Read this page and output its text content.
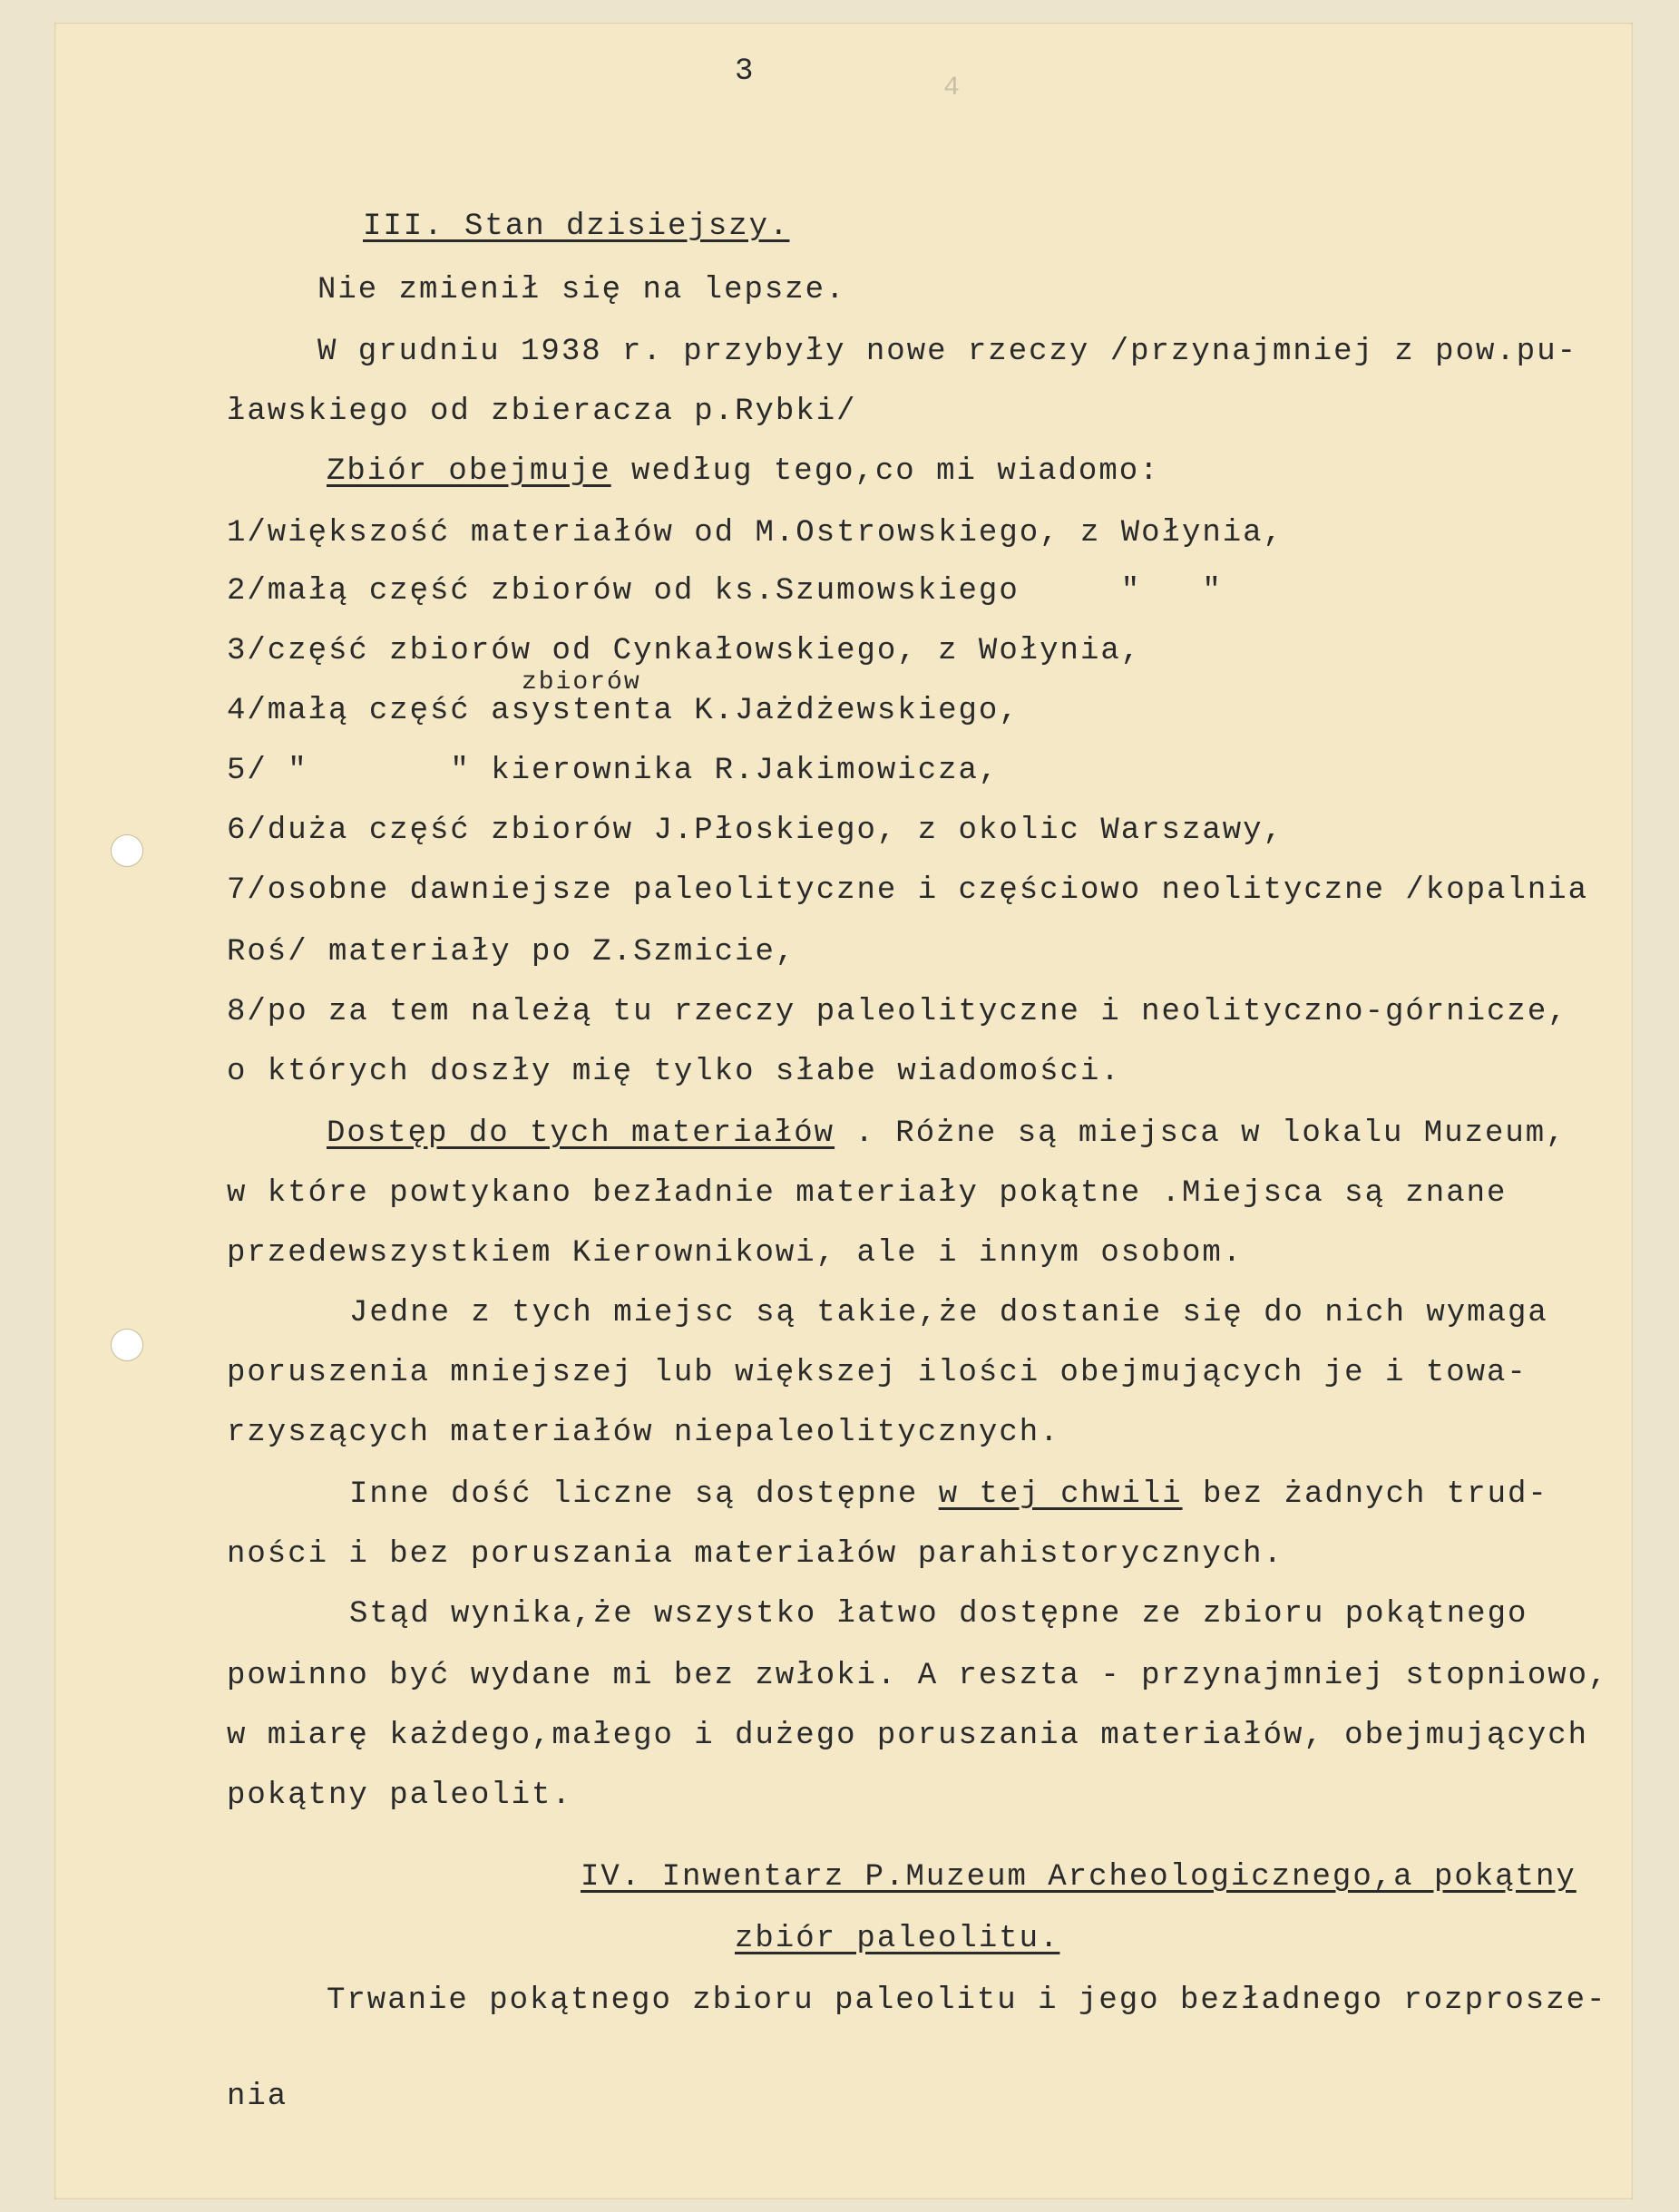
3	4
III. Stan dzisiejszy.
Nie zmienił się na lepsze.
W grudniu 1938 r. przybyły nowe rzeczy /przynajmniej z pow.pu-
ławskiego od zbieracza p.Rybki/
Zbiór obejmuje według tego,co mi wiadomo:
1/większość materiałów od M.Ostrowskiego, z Wołynia,
2/małą część zbiorów od ks.Szumowskiego     "   "
3/część zbiorów od Cynkałowskiego, z Wołynia,
zbiorów
4/małą część asystenta K.Jażdżewskiego,
5/ "       " kierownika R.Jakimowicza,
6/duża część zbiorów J.Płoskiego, z okolic Warszawy,
7/osobne dawniejsze paleolityczne i częściowo neolityczne /kopalnia
Roś/ materiały po Z.Szmicie,
8/po za tem należą tu rzeczy paleolityczne i neolityczno-górnicze,
o których doszły mię tylko słabe wiadomości.
Dostęp do tych materiałów . Różne są miejsca w lokalu Muzeum,
w które powtykano bezładnie materiały pokątne .Miejsca są znane
przedewszystkiem Kierownikowi, ale i innym osobom.
Jedne z tych miejsc są takie,że dostanie się do nich wymaga
poruszenia mniejszej lub większej ilości obejmujących je i towa-
rzyszących materiałów niepaleolitycznych.
Inne dość liczne są dostępne w tej chwili bez żadnych trud-
ności i bez poruszania materiałów parahistorycznych.
Stąd wynika,że wszystko łatwo dostępne ze zbioru pokątnego
powinno być wydane mi bez zwłoki. A reszta - przynajmniej stopniowo,
w miarę każdego,małego i dużego poruszania materiałów, obejmujących
pokątny paleolit.
IV. Inwentarz P.Muzeum Archeologicznego,a pokątny
zbiór paleolitu.
Trwanie pokątnego zbioru paleolitu i jego bezładnego rozprosze-
nia
